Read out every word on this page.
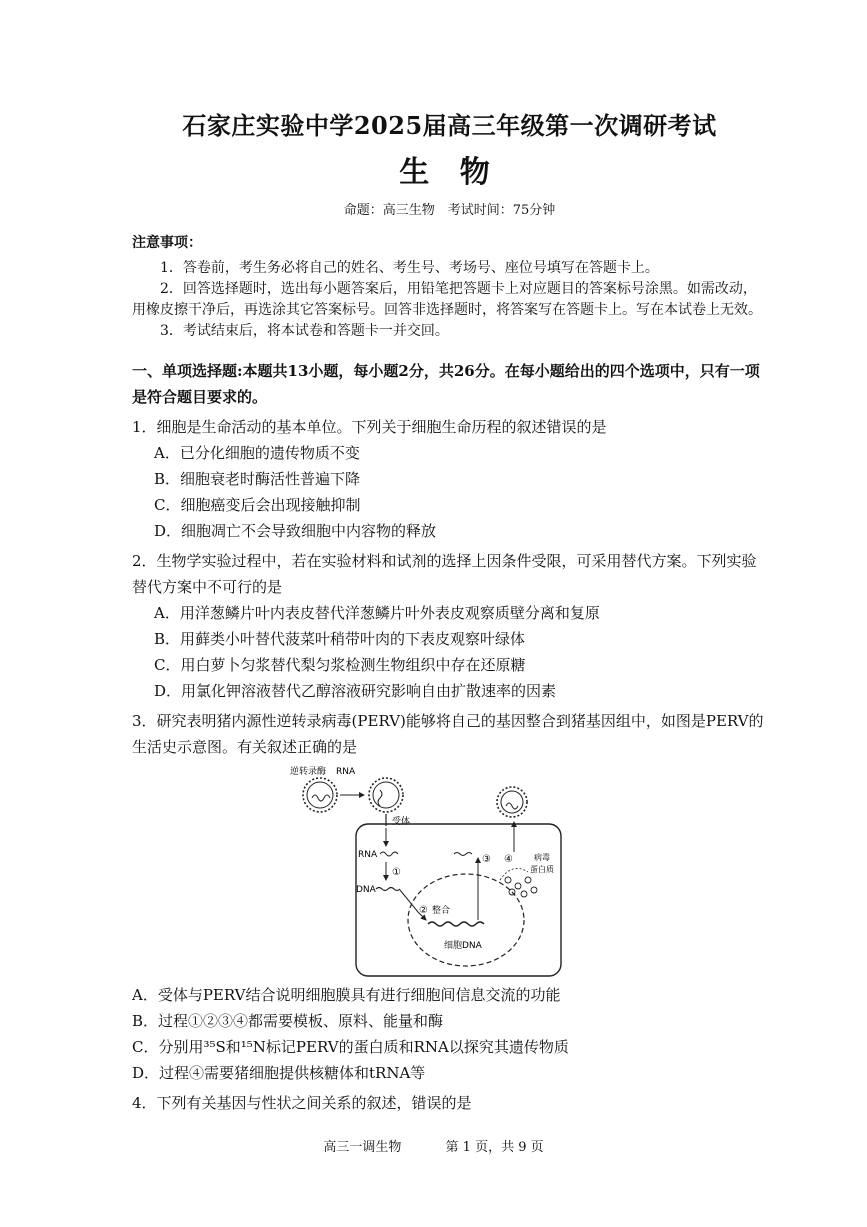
石家庄实验中学2025届高三年级第一次调研考试
生 物
命题：高三生物　考试时间：75分钟
注意事项：
1．答卷前，考生务必将自己的姓名、考生号、考场号、座位号填写在答题卡上。
2．回答选择题时，选出每小题答案后，用铅笔把答题卡上对应题目的答案标号涂黑。如需改动，用橡皮擦干净后，再选涂其它答案标号。回答非选择题时，将答案写在答题卡上。写在本试卷上无效。
3．考试结束后，将本试卷和答题卡一并交回。
一、单项选择题:本题共13小题，每小题2分，共26分。在每小题给出的四个选项中，只有一项是符合题目要求的。
1．细胞是生命活动的基本单位。下列关于细胞生命历程的叙述错误的是
A．已分化细胞的遗传物质不变
B．细胞衰老时酶活性普遍下降
C．细胞癌变后会出现接触抑制
D．细胞凋亡不会导致细胞中内容物的释放
2．生物学实验过程中，若在实验材料和试剂的选择上因条件受限，可采用替代方案。下列实验替代方案中不可行的是
A．用洋葱鳞片叶内表皮替代洋葱鳞片叶外表皮观察质壁分离和复原
B．用藓类小叶替代菠菜叶稍带叶肉的下表皮观察叶绿体
C．用白萝卜匀浆替代梨匀浆检测生物组织中存在还原糖
D．用氯化钾溶液替代乙醇溶液研究影响自由扩散速率的因素
3．研究表明猪内源性逆转录病毒(PERV)能够将自己的基因整合到猪基因组中，如图是PERV的生活史示意图。有关叙述正确的是
逆转录酶 RNA
受体
RNA
①
DNA
② 整合
细胞DNA
③ ④	病毒
蛋白质
A．受体与PERV结合说明细胞膜具有进行细胞间信息交流的功能
B．过程①②③④都需要模板、原料、能量和酶
C．分别用³⁵S和¹⁵N标记PERV的蛋白质和RNA以探究其遗传物质
D．过程④需要猪细胞提供核糖体和tRNA等
4．下列有关基因与性状之间关系的叙述，错误的是
高三一调生物	第 1 页，共 9 页
